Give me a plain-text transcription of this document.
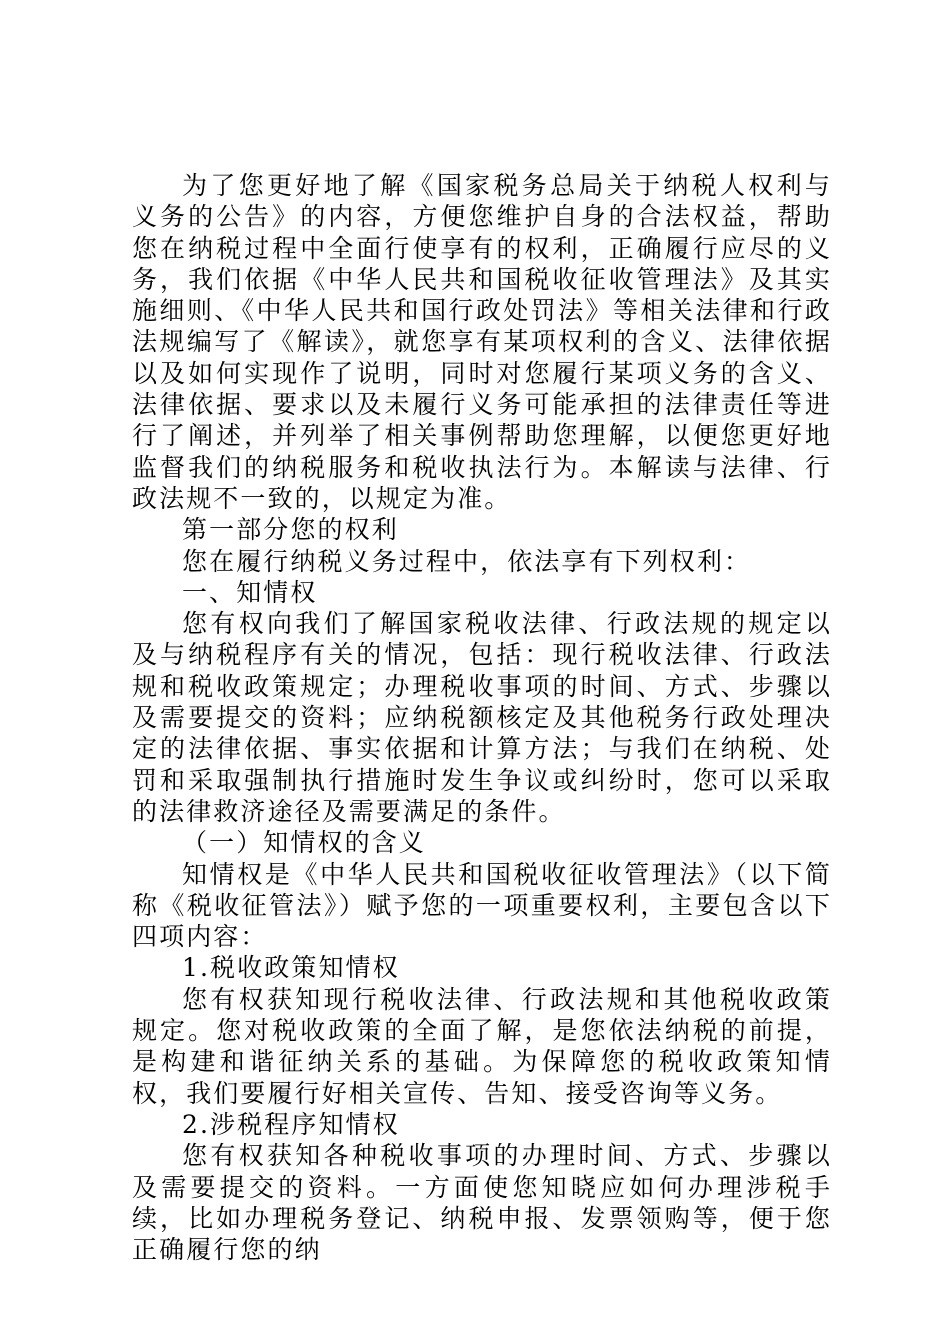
为了您更好地了解《国家税务总局关于纳税人权利与义务的公告》的内容，方便您维护自身的合法权益，帮助您在纳税过程中全面行使享有的权利，正确履行应尽的义务，我们依据《中华人民共和国税收征收管理法》及其实施细则、《中华人民共和国行政处罚法》等相关法律和行政法规编写了《解读》，就您享有某项权利的含义、法律依据以及如何实现作了说明，同时对您履行某项义务的含义、法律依据、要求以及未履行义务可能承担的法律责任等进行了阐述，并列举了相关事例帮助您理解，以便您更好地监督我们的纳税服务和税收执法行为。本解读与法律、行政法规不一致的，以规定为准。

第一部分您的权利

您在履行纳税义务过程中，依法享有下列权利：

一、知情权

您有权向我们了解国家税收法律、行政法规的规定以及与纳税程序有关的情况，包括：现行税收法律、行政法规和税收政策规定；办理税收事项的时间、方式、步骤以及需要提交的资料；应纳税额核定及其他税务行政处理决定的法律依据、事实依据和计算方法；与我们在纳税、处罚和采取强制执行措施时发生争议或纠纷时，您可以采取的法律救济途径及需要满足的条件。

（一）知情权的含义

知情权是《中华人民共和国税收征收管理法》（以下简称《税收征管法》）赋予您的一项重要权利，主要包含以下四项内容：

1.税收政策知情权

您有权获知现行税收法律、行政法规和其他税收政策规定。您对税收政策的全面了解，是您依法纳税的前提，是构建和谐征纳关系的基础。为保障您的税收政策知情权，我们要履行好相关宣传、告知、接受咨询等义务。

2.涉税程序知情权

您有权获知各种税收事项的办理时间、方式、步骤以及需要提交的资料。一方面使您知晓应如何办理涉税手续，比如办理税务登记、纳税申报、发票领购等，便于您正确履行您的纳
